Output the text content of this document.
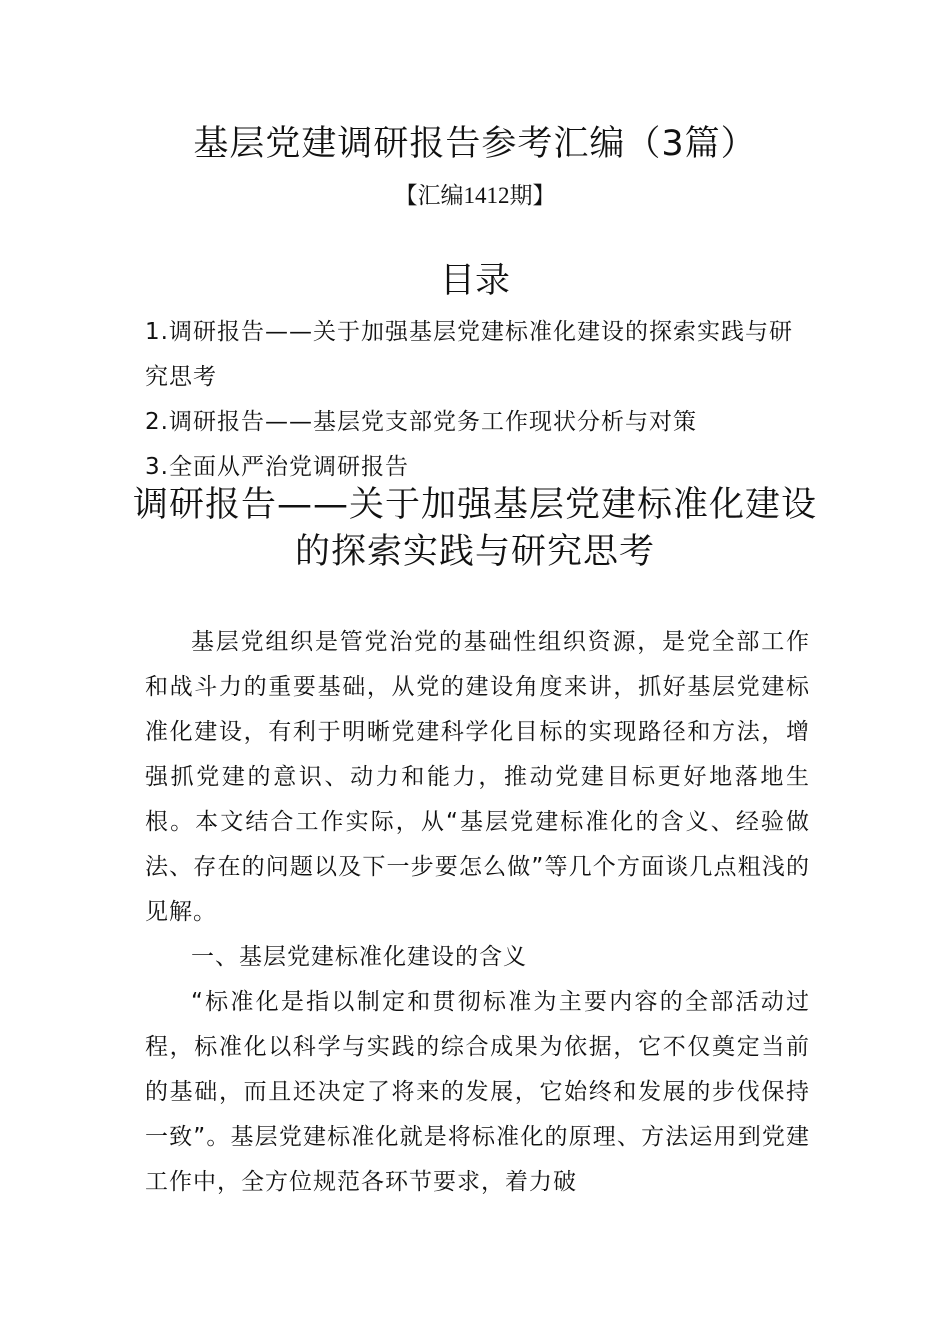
基层党建调研报告参考汇编（3篇）
【汇编1412期】
目录
1.调研报告——关于加强基层党建标准化建设的探索实践与研究思考
2.调研报告——基层党支部党务工作现状分析与对策
3.全面从严治党调研报告
调研报告——关于加强基层党建标准化建设的探索实践与研究思考

基层党组织是管党治党的基础性组织资源，是党全部工作和战斗力的重要基础，从党的建设角度来讲，抓好基层党建标准化建设，有利于明晰党建科学化目标的实现路径和方法，增强抓党建的意识、动力和能力，推动党建目标更好地落地生根。本文结合工作实际，从“基层党建标准化的含义、经验做法、存在的问题以及下一步要怎么做”等几个方面谈几点粗浅的见解。

一、基层党建标准化建设的含义

“标准化是指以制定和贯彻标准为主要内容的全部活动过程，标准化以科学与实践的综合成果为依据，它不仅奠定当前的基础，而且还决定了将来的发展，它始终和发展的步伐保持一致”。基层党建标准化就是将标准化的原理、方法运用到党建工作中，全方位规范各环节要求，着力破
